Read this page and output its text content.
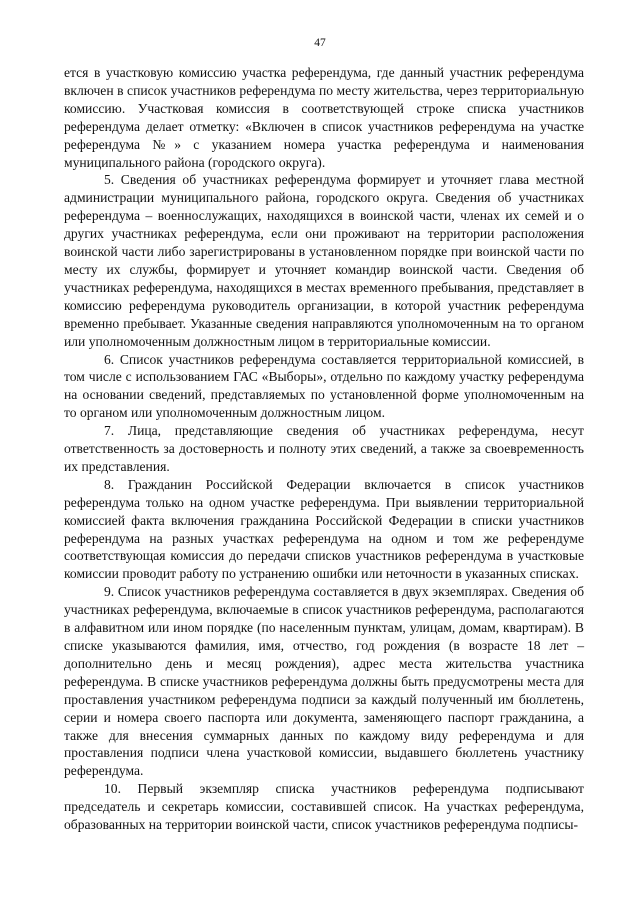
47

ется в участковую комиссию участка референдума, где данный участник референдума включен в список участников референдума по месту жительства, через территориальную комиссию. Участковая комиссия в соответствующей строке списка участников референдума делает отметку: «Включен в список участников референдума на участке референдума №» с указанием номера участка референдума и наименования муниципального района (городского округа).

5. Сведения об участниках референдума формирует и уточняет глава местной администрации муниципального района, городского округа. Сведения об участниках референдума – военнослужащих, находящихся в воинской части, членах их семей и о других участниках референдума, если они проживают на территории расположения воинской части либо зарегистрированы в установленном порядке при воинской части по месту их службы, формирует и уточняет командир воинской части. Сведения об участниках референдума, находящихся в местах временного пребывания, представляет в комиссию референдума руководитель организации, в которой участник референдума временно пребывает. Указанные сведения направляются уполномоченным на то органом или уполномоченным должностным лицом в территориальные комиссии.

6. Список участников референдума составляется территориальной комиссией, в том числе с использованием ГАС «Выборы», отдельно по каждому участку референдума на основании сведений, представляемых по установленной форме уполномоченным на то органом или уполномоченным должностным лицом.

7. Лица, представляющие сведения об участниках референдума, несут ответственность за достоверность и полноту этих сведений, а также за своевременность их представления.

8. Гражданин Российской Федерации включается в список участников референдума только на одном участке референдума. При выявлении территориальной комиссией факта включения гражданина Российской Федерации в списки участников референдума на разных участках референдума на одном и том же референдуме соответствующая комиссия до передачи списков участников референдума в участковые комиссии проводит работу по устранению ошибки или неточности в указанных списках.

9. Список участников референдума составляется в двух экземплярах. Сведения об участниках референдума, включаемые в список участников референдума, располагаются в алфавитном или ином порядке (по населенным пунктам, улицам, домам, квартирам). В списке указываются фамилия, имя, отчество, год рождения (в возрасте 18 лет – дополнительно день и месяц рождения), адрес места жительства участника референдума. В списке участников референдума должны быть предусмотрены места для проставления участником референдума подписи за каждый полученный им бюллетень, серии и номера своего паспорта или документа, заменяющего паспорт гражданина, а также для внесения суммарных данных по каждому виду референдума и для проставления подписи члена участковой комиссии, выдавшего бюллетень участнику референдума.

10. Первый экземпляр списка участников референдума подписывают председатель и секретарь комиссии, составившей список. На участках референдума, образованных на территории воинской части, список участников референдума подписы-
